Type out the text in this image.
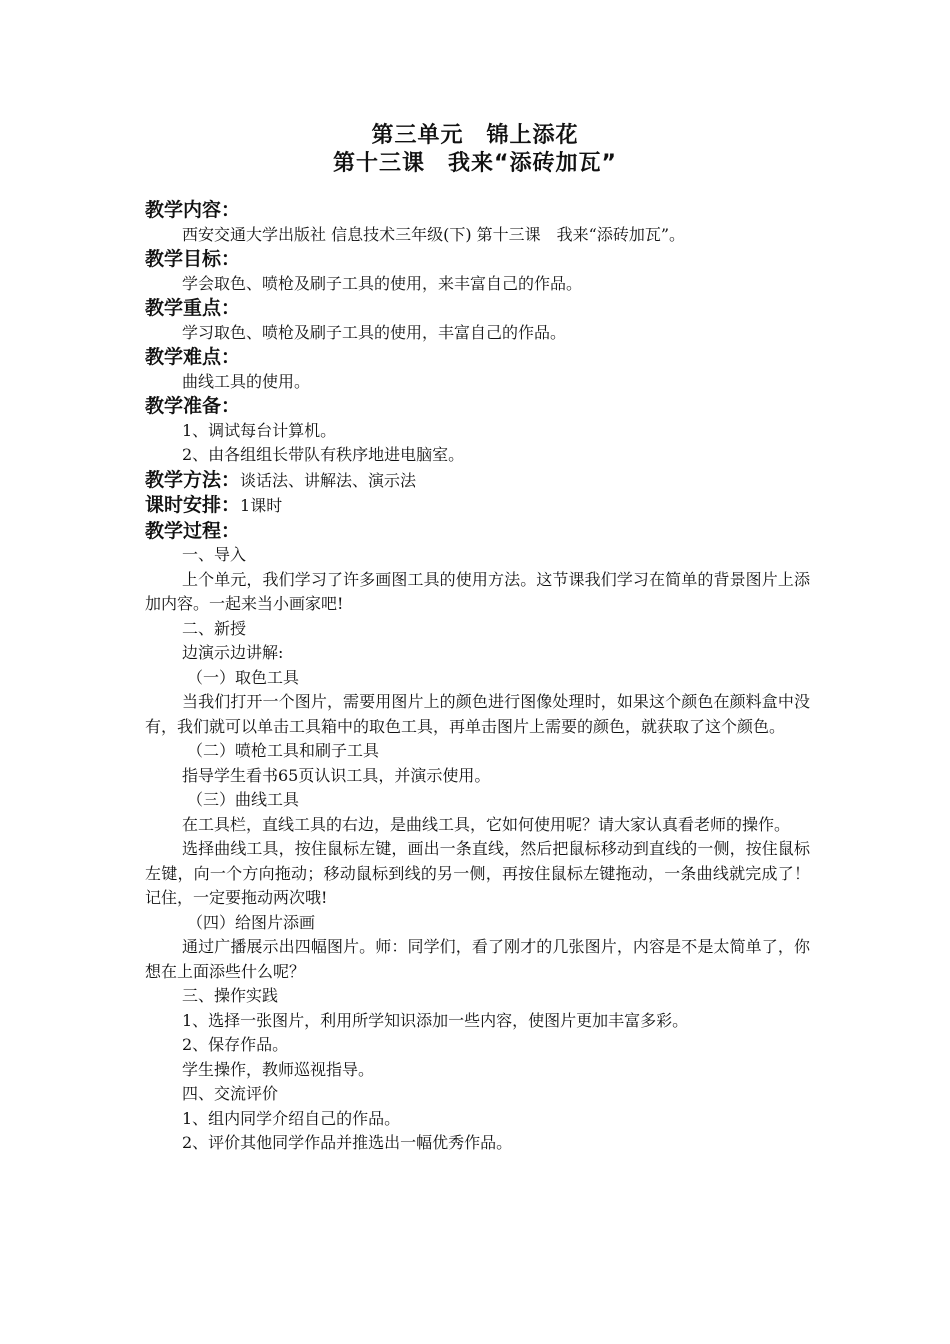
第三单元　锦上添花
第十三课　我来“添砖加瓦”

教学内容：

西安交通大学出版社 信息技术三年级(下) 第十三课　我来“添砖加瓦”。

教学目标：

学会取色、喷枪及刷子工具的使用，来丰富自己的作品。

教学重点：

学习取色、喷枪及刷子工具的使用，丰富自己的作品。

教学难点：

曲线工具的使用。

教学准备：

1、调试每台计算机。

2、由各组组长带队有秩序地进电脑室。

教学方法：谈话法、讲解法、演示法

课时安排：1课时

教学过程：

一、导入

上个单元，我们学习了许多画图工具的使用方法。这节课我们学习在简单的背景图片上添加内容。一起来当小画家吧!

二、新授

边演示边讲解:

（一）取色工具

当我们打开一个图片，需要用图片上的颜色进行图像处理时，如果这个颜色在颜料盒中没有，我们就可以单击工具箱中的取色工具，再单击图片上需要的颜色，就获取了这个颜色。

（二）喷枪工具和刷子工具

指导学生看书65页认识工具，并演示使用。

（三）曲线工具

在工具栏，直线工具的右边，是曲线工具，它如何使用呢？请大家认真看老师的操作。

选择曲线工具，按住鼠标左键，画出一条直线，然后把鼠标移动到直线的一侧，按住鼠标左键，向一个方向拖动；移动鼠标到线的另一侧，再按住鼠标左键拖动，一条曲线就完成了！记住，一定要拖动两次哦!

（四）给图片添画

通过广播展示出四幅图片。师：同学们，看了刚才的几张图片，内容是不是太简单了，你想在上面添些什么呢？

三、操作实践

1、选择一张图片，利用所学知识添加一些内容，使图片更加丰富多彩。

2、保存作品。

学生操作，教师巡视指导。

四、交流评价

1、组内同学介绍自己的作品。

2、评价其他同学作品并推选出一幅优秀作品。
